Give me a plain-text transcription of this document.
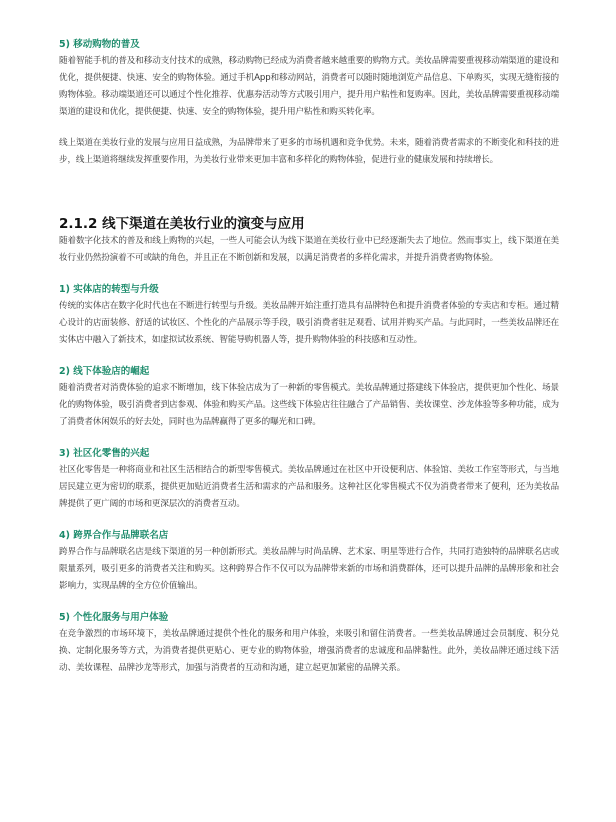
5) 移动购物的普及

随着智能手机的普及和移动支付技术的成熟，移动购物已经成为消费者越来越重要的购物方式。美妆品牌需要重视移动端渠道的建设和优化，提供便捷、快速、安全的购物体验。通过手机App和移动网站，消费者可以随时随地浏览产品信息、下单购买，实现无缝衔接的购物体验。移动端渠道还可以通过个性化推荐、优惠券活动等方式吸引用户，提升用户粘性和复购率。因此，美妆品牌需要重视移动端渠道的建设和优化，提供便捷、快速、安全的购物体验，提升用户粘性和购买转化率。

线上渠道在美妆行业的发展与应用日益成熟，为品牌带来了更多的市场机遇和竞争优势。未来，随着消费者需求的不断变化和科技的进步，线上渠道将继续发挥重要作用，为美妆行业带来更加丰富和多样化的购物体验，促进行业的健康发展和持续增长。

2.1.2 线下渠道在美妆行业的演变与应用

随着数字化技术的普及和线上购物的兴起，一些人可能会认为线下渠道在美妆行业中已经逐渐失去了地位。然而事实上，线下渠道在美妆行业仍然扮演着不可或缺的角色，并且正在不断创新和发展，以满足消费者的多样化需求，并提升消费者购物体验。

1) 实体店的转型与升级

传统的实体店在数字化时代也在不断进行转型与升级。美妆品牌开始注重打造具有品牌特色和提升消费者体验的专卖店和专柜。通过精心设计的店面装修、舒适的试妆区、个性化的产品展示等手段，吸引消费者驻足观看、试用并购买产品。与此同时，一些美妆品牌还在实体店中融入了新技术，如虚拟试妆系统、智能导购机器人等，提升购物体验的科技感和互动性。

2) 线下体验店的崛起

随着消费者对消费体验的追求不断增加，线下体验店成为了一种新的零售模式。美妆品牌通过搭建线下体验店，提供更加个性化、场景化的购物体验，吸引消费者到店参观、体验和购买产品。这些线下体验店往往融合了产品销售、美妆课堂、沙龙体验等多种功能，成为了消费者休闲娱乐的好去处，同时也为品牌赢得了更多的曝光和口碑。

3) 社区化零售的兴起

社区化零售是一种将商业和社区生活相结合的新型零售模式。美妆品牌通过在社区中开设便利店、体验馆、美妆工作室等形式，与当地居民建立更为密切的联系，提供更加贴近消费者生活和需求的产品和服务。这种社区化零售模式不仅为消费者带来了便利，还为美妆品牌提供了更广阔的市场和更深层次的消费者互动。

4) 跨界合作与品牌联名店

跨界合作与品牌联名店是线下渠道的另一种创新形式。美妆品牌与时尚品牌、艺术家、明星等进行合作，共同打造独特的品牌联名店或限量系列，吸引更多的消费者关注和购买。这种跨界合作不仅可以为品牌带来新的市场和消费群体，还可以提升品牌的品牌形象和社会影响力，实现品牌的全方位价值输出。

5) 个性化服务与用户体验

在竞争激烈的市场环境下，美妆品牌通过提供个性化的服务和用户体验，来吸引和留住消费者。一些美妆品牌通过会员制度、积分兑换、定制化服务等方式，为消费者提供更贴心、更专业的购物体验，增强消费者的忠诚度和品牌黏性。此外，美妆品牌还通过线下活动、美妆课程、品牌沙龙等形式，加强与消费者的互动和沟通，建立起更加紧密的品牌关系。
